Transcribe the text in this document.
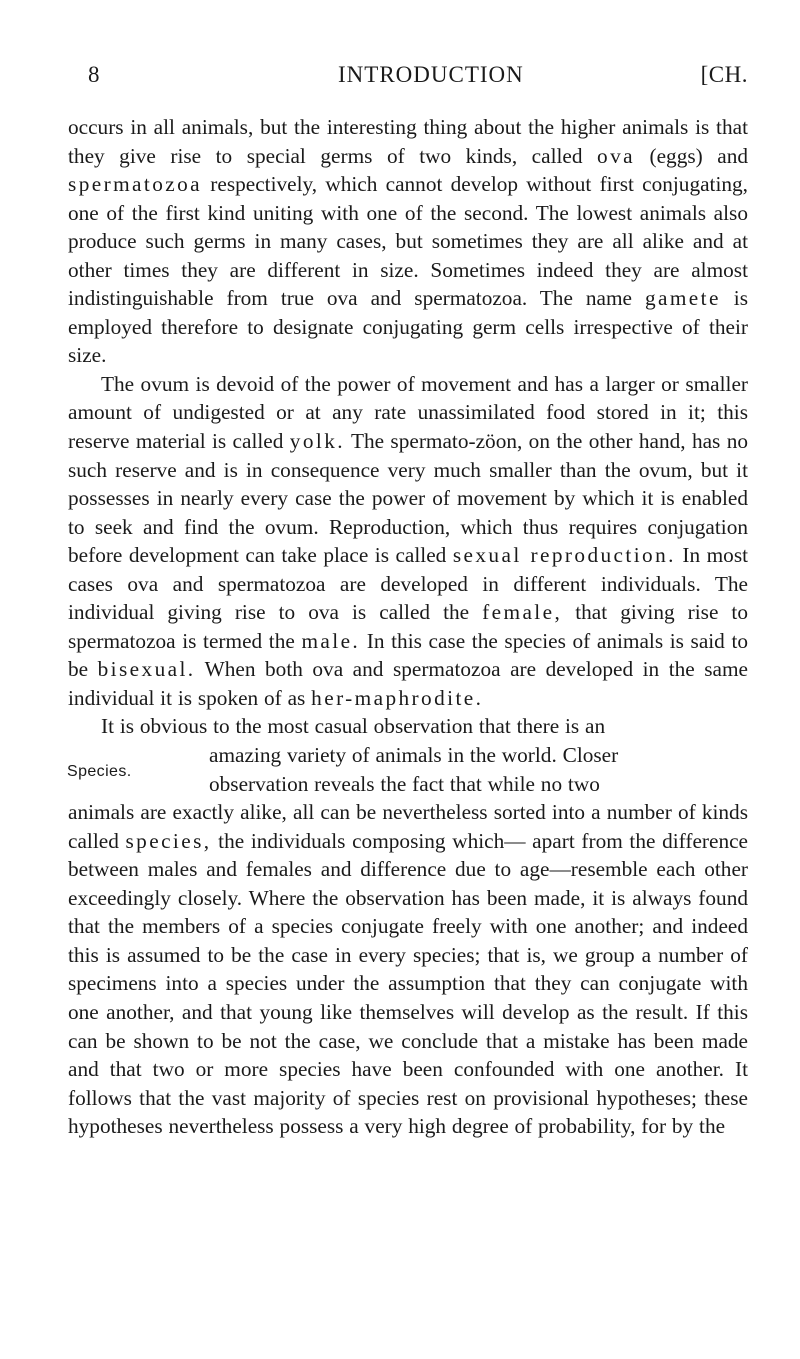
8	INTRODUCTION	[CH.

occurs in all animals, but the interesting thing about the higher animals is that they give rise to special germs of two kinds, called ova (eggs) and spermatozoa respectively, which cannot develop without first conjugating, one of the first kind uniting with one of the second. The lowest animals also produce such germs in many cases, but sometimes they are all alike and at other times they are different in size. Sometimes indeed they are almost indistinguishable from true ova and spermatozoa. The name gamete is employed therefore to designate conjugating germ cells irrespective of their size.

The ovum is devoid of the power of movement and has a larger or smaller amount of undigested or at any rate unassimilated food stored in it; this reserve material is called yolk. The spermato-zöon, on the other hand, has no such reserve and is in consequence very much smaller than the ovum, but it possesses in nearly every case the power of movement by which it is enabled to seek and find the ovum. Reproduction, which thus requires conjugation before development can take place is called sexual reproduction. In most cases ova and spermatozoa are developed in different individuals. The individual giving rise to ova is called the female, that giving rise to spermatozoa is termed the male. In this case the species of animals is said to be bisexual. When both ova and spermatozoa are developed in the same individual it is spoken of as her-maphrodite.

Species.

It is obvious to the most casual observation that there is an

amazing variety of animals in the world. Closer
observation reveals the fact that while no two

animals are exactly alike, all can be nevertheless sorted into a number of kinds called species, the individuals composing which— apart from the difference between males and females and difference due to age—resemble each other exceedingly closely. Where the observation has been made, it is always found that the members of a species conjugate freely with one another; and indeed this is assumed to be the case in every species; that is, we group a number of specimens into a species under the assumption that they can conjugate with one another, and that young like themselves will develop as the result. If this can be shown to be not the case, we conclude that a mistake has been made and that two or more species have been confounded with one another. It follows that the vast majority of species rest on provisional hypotheses; these hypotheses nevertheless possess a very high degree of probability, for by the
